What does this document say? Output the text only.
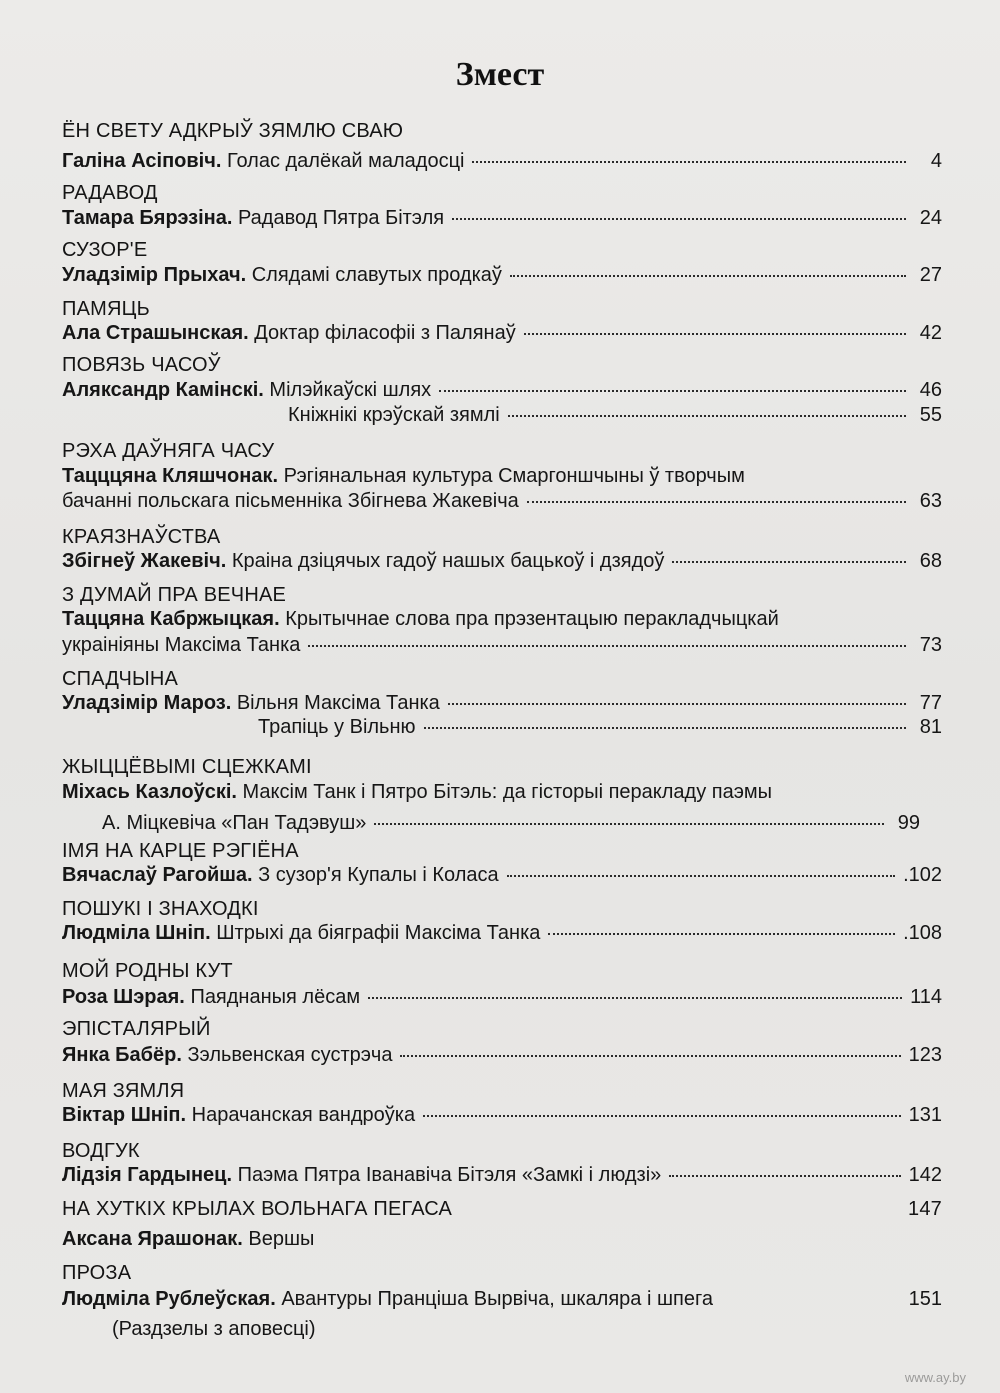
Змест
ЁН СВЕТУ АДКРЫЎ ЗЯМЛЮ СВАЮ
Галіна Асіповіч.
Голас далёкай маладосці	4
РАДАВОД
Тамара Бярэзіна.
Радавод Пятра Бітэля	24
СУЗОР'Е
Уладзімір Прыхач.
Слядамі славутых продкаў	27
ПАМЯЦЬ
Ала Страшынская.
Доктар філасофіі з Палянаў	42
ПОВЯЗЬ ЧАСОЎ
Аляксандр Камінскі.
Мілэйкаўскі шлях	46
Кніжнікі крэўскай зямлі	55
РЭХА ДАЎНЯГА ЧАСУ
Тацццяна Кляшчонак. Рэгіянальная культура Смаргоншчыны ў творчым
бачанні польскага пісьменніка Збігнева Жакевіча	63
КРАЯЗНАЎСТВА
Збігнеў Жакевіч.
Краіна дзіцячых гадоў нашых бацькоў і дзядоў	68
З ДУМАЙ ПРА ВЕЧНАЕ
Таццяна Кабржыцкая. Крытычнае слова пра прэзентацыю перакладчыцкай
украініяны Максіма Танка	73
СПАДЧЫНА
Уладзімір Мароз.
Вільня Максіма Танка	77
Трапіць у Вільню	81
ЖЫЦЦЁВЫМІ СЦЕЖКАМІ
Міхась Казлоўскі. Максім Танк і Пятро Бітэль: да гісторыі перакладу паэмы
А. Міцкевіча «Пан Тадэвуш»	99
ІМЯ НА КАРЦЕ РЭГІЁНА
Вячаслаў Рагойша.
З сузор'я Купалы і Коласа	.102
ПОШУКІ І ЗНАХОДКІ
Людміла Шніп.
Штрыхі да біяграфіі Максіма Танка	.108
МОЙ РОДНЫ КУТ
Роза Шэрая.
Паяднаныя лёсам	114
ЭПІСТАЛЯРЫЙ
Янка Бабёр.
Зэльвенская сустрэча	123
МАЯ ЗЯМЛЯ
Віктар Шніп.
Нарачанская вандроўка	131
ВОДГУК
Лідзія Гардынец.
Паэма Пятра Іванавіча Бітэля «Замкі і людзі»	142
НА ХУТКІХ КРЫЛАХ ВОЛЬНАГА ПЕГАСА	147
Аксана Ярашонак. Вершы
ПРОЗА
Людміла Рублеўская.
Авантуры Пранціша Вырвіча, шкаляра і шпега	151
(Раздзелы з аповесці)
www.ay.by
